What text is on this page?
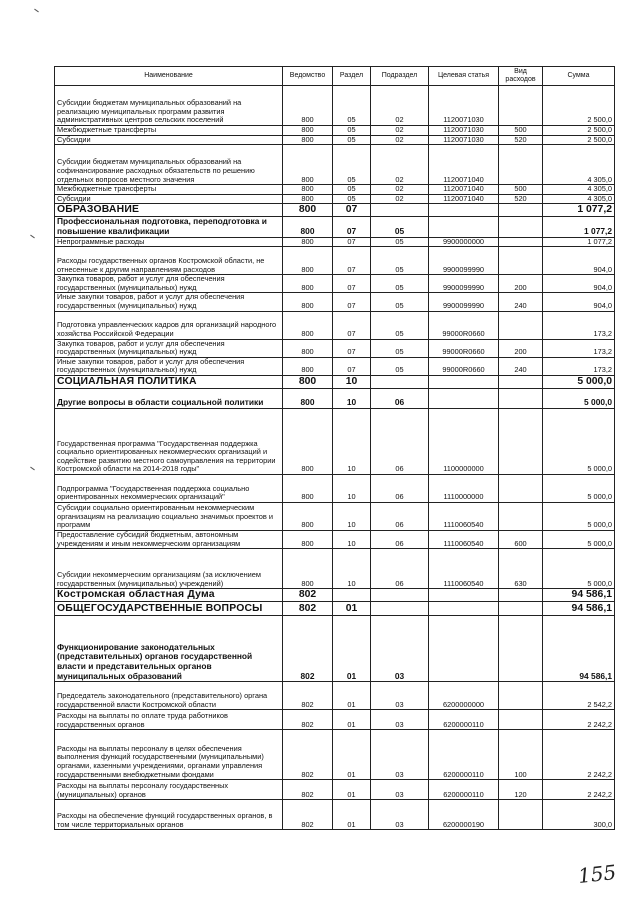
Наименование	Ведомство	Раздел	Подраздел	Целевая статья	Вид расходов	Сумма
Субсидии бюджетам муниципальных образований на реализацию муниципальных программ развития административных центров сельских поселений	800	05	02	1120071030		2 500,0
Межбюджетные трансферты	800	05	02	1120071030	500	2 500,0
Субсидии	800	05	02	1120071030	520	2 500,0
Субсидии бюджетам муниципальных образований на софинансирование расходных обязательств по решению отдельных вопросов местного значения	800	05	02	1120071040		4 305,0
Межбюджетные трансферты	800	05	02	1120071040	500	4 305,0
Субсидии	800	05	02	1120071040	520	4 305,0
ОБРАЗОВАНИЕ	800	07				1 077,2
Профессиональная подготовка, переподготовка и повышение квалификации	800	07	05			1 077,2
Непрограммные расходы	800	07	05	9900000000		1 077,2
Расходы государственных органов Костромской области, не отнесенные к другим направлениям расходов	800	07	05	9900099990		904,0
Закупка товаров, работ и услуг для обеспечения государственных (муниципальных) нужд	800	07	05	9900099990	200	904,0
Иные закупки товаров, работ и услуг для обеспечения государственных (муниципальных) нужд	800	07	05	9900099990	240	904,0
Подготовка управленческих кадров для организаций народного хозяйства Российской Федерации	800	07	05	99000R0660		173,2
Закупка товаров, работ и услуг для обеспечения государственных (муниципальных) нужд	800	07	05	99000R0660	200	173,2
Иные закупки товаров, работ и услуг для обеспечения государственных (муниципальных) нужд	800	07	05	99000R0660	240	173,2
СОЦИАЛЬНАЯ ПОЛИТИКА	800	10				5 000,0
Другие вопросы в области социальной политики	800	10	06			5 000,0
Государственная программа "Государственная поддержка социально ориентированных некоммерческих организаций и содействие развитию местного самоуправления на территории Костромской области на 2014-2018 годы"	800	10	06	1100000000		5 000,0
Подпрограмма "Государственная поддержка социально ориентированных некоммерческих организаций"	800	10	06	1110000000		5 000,0
Субсидии социально ориентированным некоммерческим организациям на реализацию социально значимых проектов и программ	800	10	06	1110060540		5 000,0
Предоставление субсидий бюджетным, автономным учреждениям и иным некоммерческим организациям	800	10	06	1110060540	600	5 000,0
Субсидии некоммерческим организациям (за исключением государственных (муниципальных) учреждений)	800	10	06	1110060540	630	5 000,0
Костромская областная Дума	802					94 586,1
ОБЩЕГОСУДАРСТВЕННЫЕ ВОПРОСЫ	802	01				94 586,1
Функционирование законодательных (представительных) органов государственной власти и представительных органов муниципальных образований	802	01	03			94 586,1
Председатель законодательного (представительного) органа государственной власти Костромской области	802	01	03	6200000000		2 542,2
Расходы на выплаты по оплате труда работников государственных органов	802	01	03	6200000110		2 242,2
Расходы на выплаты персоналу в целях обеспечения выполнения функций государственными (муниципальными) органами, казенными учреждениями, органами управления государственными внебюджетными фондами	802	01	03	6200000110	100	2 242,2
Расходы на выплаты персоналу государственных (муниципальных) органов	802	01	03	6200000110	120	2 242,2
Расходы на обеспечение функций государственных органов, в том числе территориальных органов	802	01	03	6200000190		300,0
155
